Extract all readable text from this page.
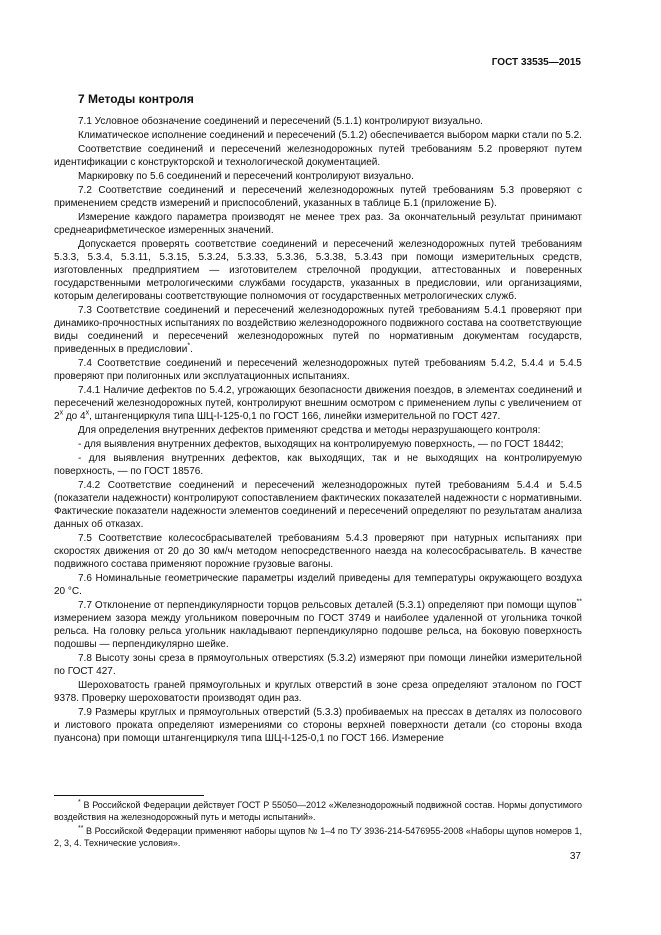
ГОСТ 33535—2015
7 Методы контроля

7.1 Условное обозначение соединений и пересечений (5.1.1) контролируют визуально.

Климатическое исполнение соединений и пересечений (5.1.2) обеспечивается выбором марки стали по 5.2.

Соответствие соединений и пересечений железнодорожных путей требованиям 5.2 проверяют путем идентификации с конструкторской и технологической документацией.

Маркировку по 5.6 соединений и пересечений контролируют визуально.

7.2 Соответствие соединений и пересечений железнодорожных путей требованиям 5.3 проверяют с применением средств измерений и приспособлений, указанных в таблице Б.1 (приложение Б).

Измерение каждого параметра производят не менее трех раз. За окончательный результат принимают среднеарифметическое измеренных значений.

Допускается проверять соответствие соединений и пересечений железнодорожных путей требованиям 5.3.3, 5.3.4, 5.3.11, 5.3.15, 5.3.24, 5.3.33, 5.3.36, 5.3.38, 5.3.43 при помощи измерительных средств, изготовленных предприятием — изготовителем стрелочной продукции, аттестованных и поверенных государственными метрологическими службами государств, указанных в предисловии, или организациями, которым делегированы соответствующие полномочия от государственных метрологических служб.

7.3 Соответствие соединений и пересечений железнодорожных путей требованиям 5.4.1 проверяют при динамико-прочностных испытаниях по воздействию железнодорожного подвижного состава на соответствующие виды соединений и пересечений железнодорожных путей по нормативным документам государств, приведенных в предисловии*.

7.4 Соответствие соединений и пересечений железнодорожных путей требованиям 5.4.2, 5.4.4 и 5.4.5 проверяют при полигонных или эксплуатационных испытаниях.

7.4.1 Наличие дефектов по 5.4.2, угрожающих безопасности движения поездов, в элементах соединений и пересечений железнодорожных путей, контролируют внешним осмотром с применением лупы с увеличением от $2^х$ до $4^х$, штангенциркуля типа ШЦ-I-125-0,1 по ГОСТ 166, линейки измерительной по ГОСТ 427.

Для определения внутренних дефектов применяют средства и методы неразрушающего контроля:

- для выявления внутренних дефектов, выходящих на контролируемую поверхность, — по ГОСТ 18442;

- для выявления внутренних дефектов, как выходящих, так и не выходящих на контролируемую поверхность, — по ГОСТ 18576.

7.4.2 Соответствие соединений и пересечений железнодорожных путей требованиям 5.4.4 и 5.4.5 (показатели надежности) контролируют сопоставлением фактических показателей надежности с нормативными. Фактические показатели надежности элементов соединений и пересечений определяют по результатам анализа данных об отказах.

7.5 Соответствие колесосбрасывателей требованиям 5.4.3 проверяют при натурных испытаниях при скоростях движения от 20 до 30 км/ч методом непосредственного наезда на колесосбрасыватель. В качестве подвижного состава применяют порожние грузовые вагоны.

7.6 Номинальные геометрические параметры изделий приведены для температуры окружающего воздуха 20 °С.

7.7 Отклонение от перпендикулярности торцов рельсовых деталей (5.3.1) определяют при помощи щупов** измерением зазора между угольником поверочным по ГОСТ 3749 и наиболее удаленной от угольника точкой рельса. На головку рельса угольник накладывают перпендикулярно подошве рельса, на боковую поверхность подошвы — перпендикулярно шейке.

7.8 Высоту зоны среза в прямоугольных отверстиях (5.3.2) измеряют при помощи линейки измерительной по ГОСТ 427.

Шероховатость граней прямоугольных и круглых отверстий в зоне среза определяют эталоном по ГОСТ 9378. Проверку шероховатости производят один раз.

7.9 Размеры круглых и прямоугольных отверстий (5.3.3) пробиваемых на прессах в деталях из полосового и листового проката определяют измерениями со стороны верхней поверхности детали (со стороны входа пуансона) при помощи штангенциркуля типа ШЦ-I-125-0,1 по ГОСТ 166. Измерение

* В Российской Федерации действует ГОСТ Р 55050—2012 «Железнодорожный подвижной состав. Нормы допустимого воздействия на железнодорожный путь и методы испытаний».

** В Российской Федерации применяют наборы щупов № 1–4 по ТУ 3936-214-5476955-2008 «Наборы щупов номеров 1, 2, 3, 4. Технические условия».

37
